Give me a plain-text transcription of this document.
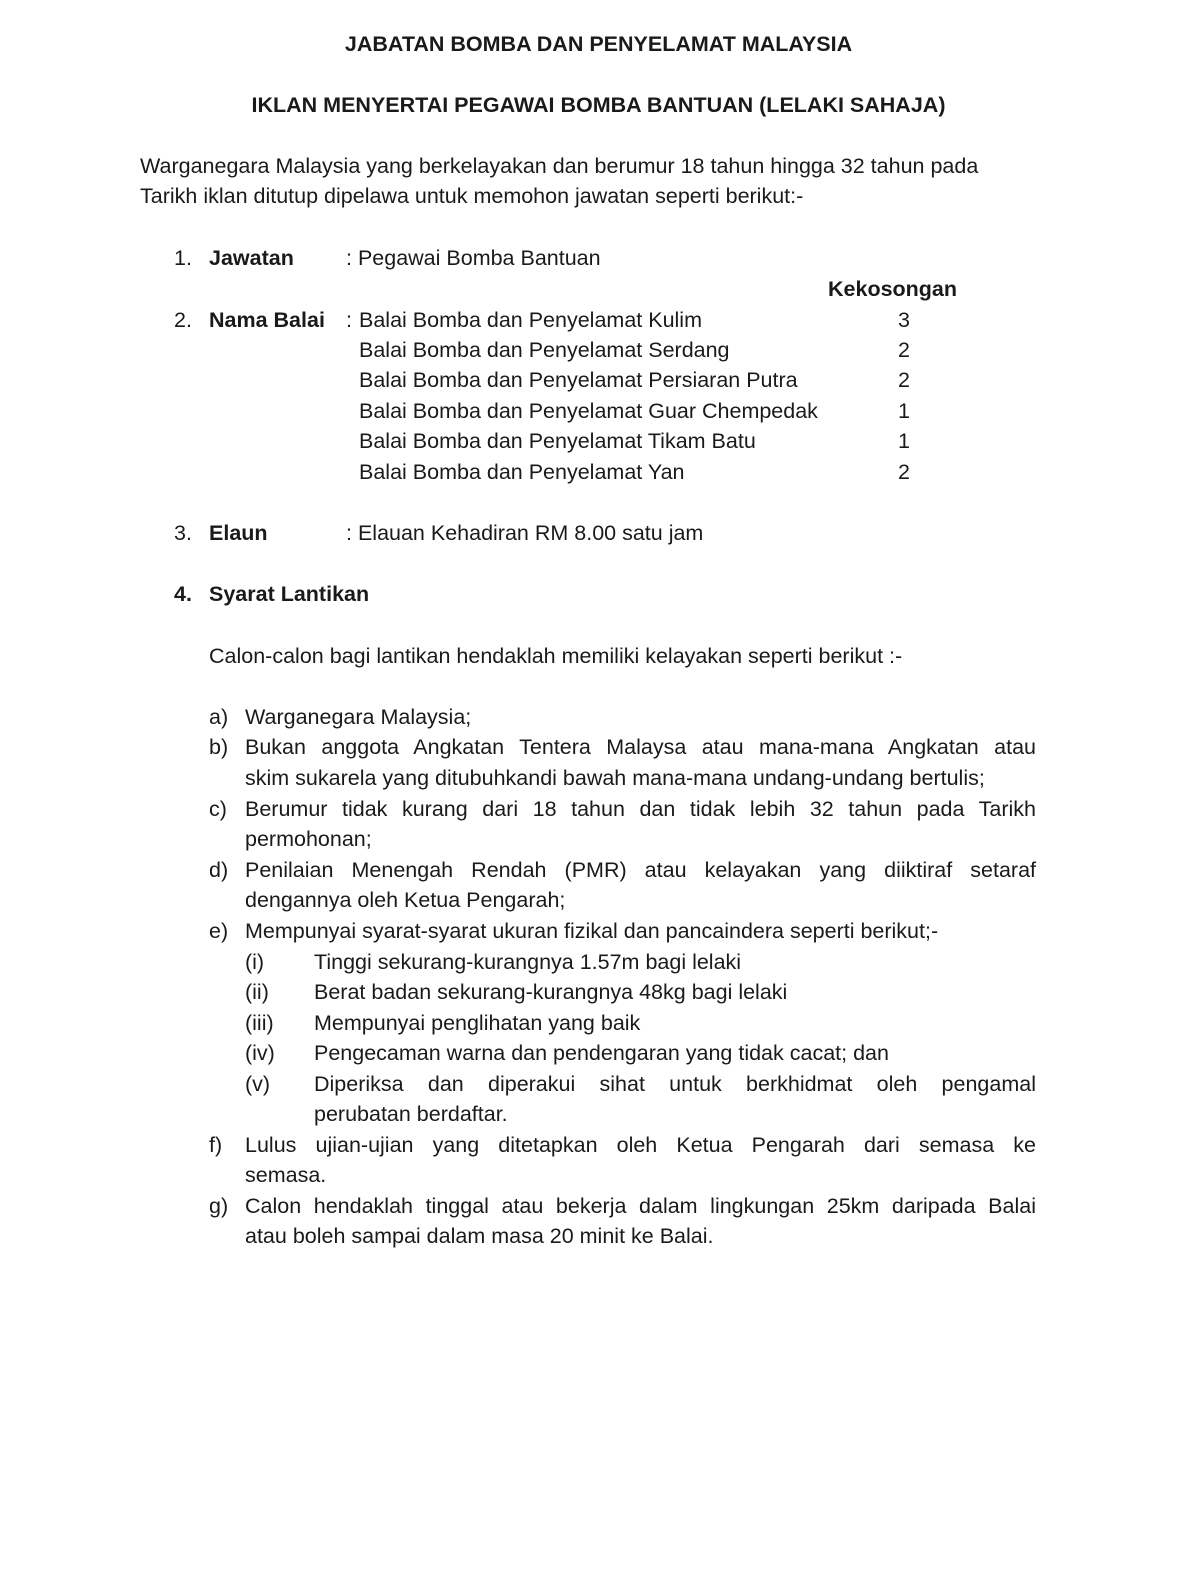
JABATAN BOMBA DAN PENYELAMAT MALAYSIA
IKLAN MENYERTAI PEGAWAI BOMBA BANTUAN (LELAKI SAHAJA)
Warganegara Malaysia yang berkelayakan dan berumur 18 tahun hingga 32 tahun pada
Tarikh iklan ditutup dipelawa untuk memohon jawatan seperti berikut:-
1. Jawatan : Pegawai Bomba Bantuan
Kekosongan
2. Nama Balai : Balai Bomba dan Penyelamat Kulim	3
Balai Bomba dan Penyelamat Serdang	2
Balai Bomba dan Penyelamat Persiaran Putra	2
Balai Bomba dan Penyelamat Guar Chempedak	1
Balai Bomba dan Penyelamat Tikam Batu	1
Balai Bomba dan Penyelamat Yan	2
3. Elaun	: Elauan Kehadiran RM 8.00 satu jam
4. Syarat Lantikan
Calon-calon bagi lantikan hendaklah memiliki kelayakan seperti berikut :-
a) Warganegara Malaysia;
b) Bukan anggota Angkatan Tentera Malaysa atau mana-mana Angkatan atau
skim sukarela yang ditubuhkandi bawah mana-mana undang-undang bertulis;
c) Berumur tidak kurang dari 18 tahun dan tidak lebih 32 tahun pada Tarikh
permohonan;
d) Penilaian Menengah Rendah (PMR) atau kelayakan yang diiktiraf setaraf
dengannya oleh Ketua Pengarah;
e) Mempunyai syarat-syarat ukuran fizikal dan pancaindera seperti berikut;-
(i) Tinggi sekurang-kurangnya 1.57m bagi lelaki
(ii) Berat badan sekurang-kurangnya 48kg bagi lelaki
(iii) Mempunyai penglihatan yang baik
(iv) Pengecaman warna dan pendengaran yang tidak cacat; dan
(v) Diperiksa dan diperakui sihat untuk berkhidmat oleh pengamal
perubatan berdaftar.
f) Lulus ujian-ujian yang ditetapkan oleh Ketua Pengarah dari semasa ke
semasa.
g) Calon hendaklah tinggal atau bekerja dalam lingkungan 25km daripada Balai
atau boleh sampai dalam masa 20 minit ke Balai.
